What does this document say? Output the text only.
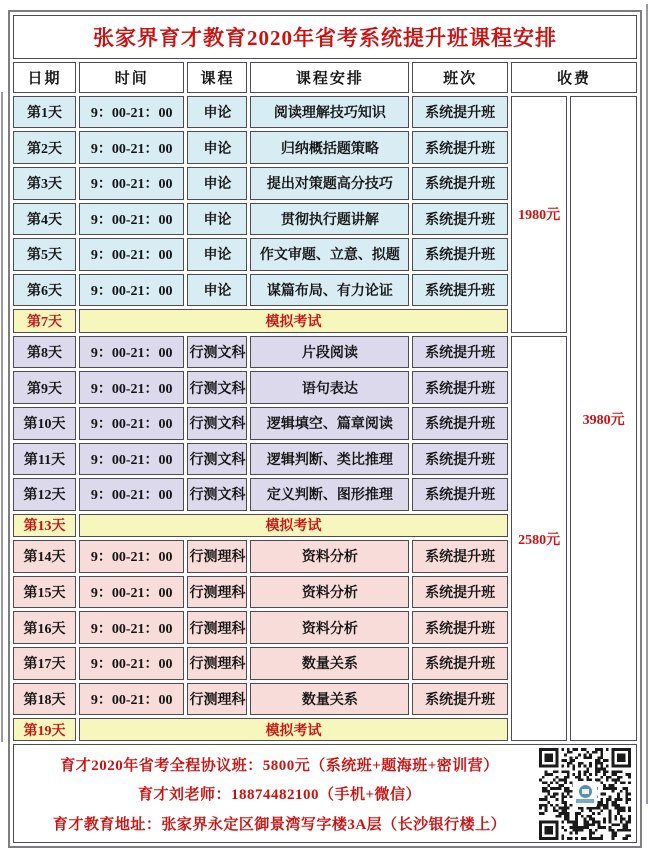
张家界育才教育2020年省考系统提升班课程安排						
日期	时间	课程	课程安排	班次	收费	
第1天	9：00-21：00	申论	阅读理解技巧知识	系统提升班	1980元	3980元
第2天	9：00-21：00	申论	归纳概括题策略	系统提升班		
第3天	9：00-21：00	申论	提出对策题高分技巧	系统提升班		
第4天	9：00-21：00	申论	贯彻执行题讲解	系统提升班		
第5天	9：00-21：00	申论	作文审题、立意、拟题	系统提升班		
第6天	9：00-21：00	申论	谋篇布局、有力论证	系统提升班		
第7天	模拟考试					
第8天	9：00-21：00	行测文科	片段阅读	系统提升班	2580元	
第9天	9：00-21：00	行测文科	语句表达	系统提升班		
第10天	9：00-21：00	行测文科	逻辑填空、篇章阅读	系统提升班		
第11天	9：00-21：00	行测文科	逻辑判断、类比推理	系统提升班		
第12天	9：00-21：00	行测文科	定义判断、图形推理	系统提升班		
第13天	模拟考试					
第14天	9：00-21：00	行测理科	资料分析	系统提升班		
第15天	9：00-21：00	行测理科	资料分析	系统提升班		
第16天	9：00-21：00	行测理科	资料分析	系统提升班		
第17天	9：00-21：00	行测理科	数量关系	系统提升班		
第18天	9：00-21：00	行测理科	数量关系	系统提升班		
第19天	模拟考试					

育才2020年省考全程协议班：5800元（系统班+题海班+密训营）
育才刘老师：18874482100（手机+微信）
育才教育地址：张家界永定区御景湾写字楼3A层（长沙银行楼上）						
